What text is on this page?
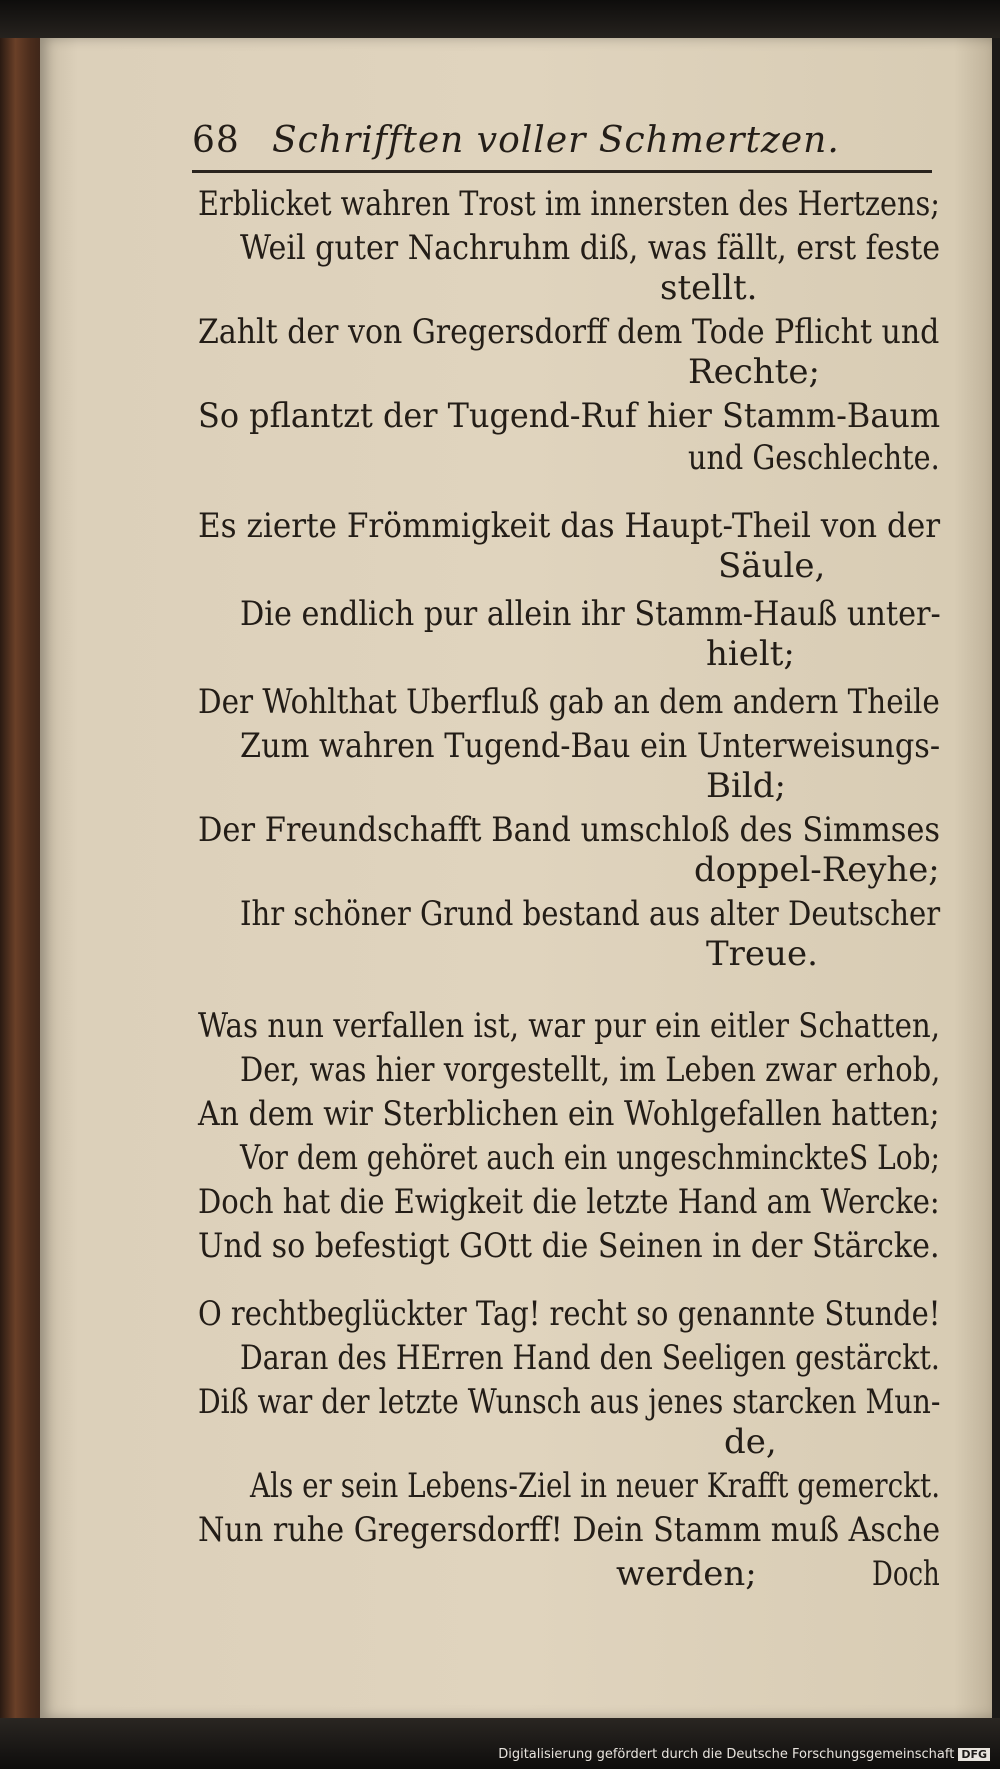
68 Schrifften voller Schmertzen.
Erblicket wahren Trost im innersten des Hertzens;
Weil guter Nachruhm diß, was fällt, erst feste
stellt.
Zahlt der von Gregersdorff dem Tode Pflicht und
Rechte;
So pflantzt der Tugend-Ruf hier Stamm-Baum
und Geschlechte.
Es zierte Frömmigkeit das Haupt-Theil von der
Säule,
Die endlich pur allein ihr Stamm-Hauß unter-
hielt;
Der Wohlthat Uberfluß gab an dem andern Theile
Zum wahren Tugend-Bau ein Unterweisungs-
Bild;
Der Freundschafft Band umschloß des Simmses
doppel-Reyhe;
Ihr schöner Grund bestand aus alter Deutscher
Treue.
Was nun verfallen ist, war pur ein eitler Schatten,
Der, was hier vorgestellt, im Leben zwar erhob,
An dem wir Sterblichen ein Wohlgefallen hatten;
Vor dem gehöret auch ein ungeschminckteS Lob;
Doch hat die Ewigkeit die letzte Hand am Wercke:
Und so befestigt GOtt die Seinen in der Stärcke.
O rechtbeglückter Tag! recht so genannte Stunde!
Daran des HErren Hand den Seeligen gestärckt.
Diß war der letzte Wunsch aus jenes starcken Mun-
de,
Als er sein Lebens-Ziel in neuer Krafft gemerckt.
Nun ruhe Gregersdorff! Dein Stamm muß Asche
werden;	Doch
Digitalisierung gefördert durch die Deutsche Forschungsgemeinschaft DFG
